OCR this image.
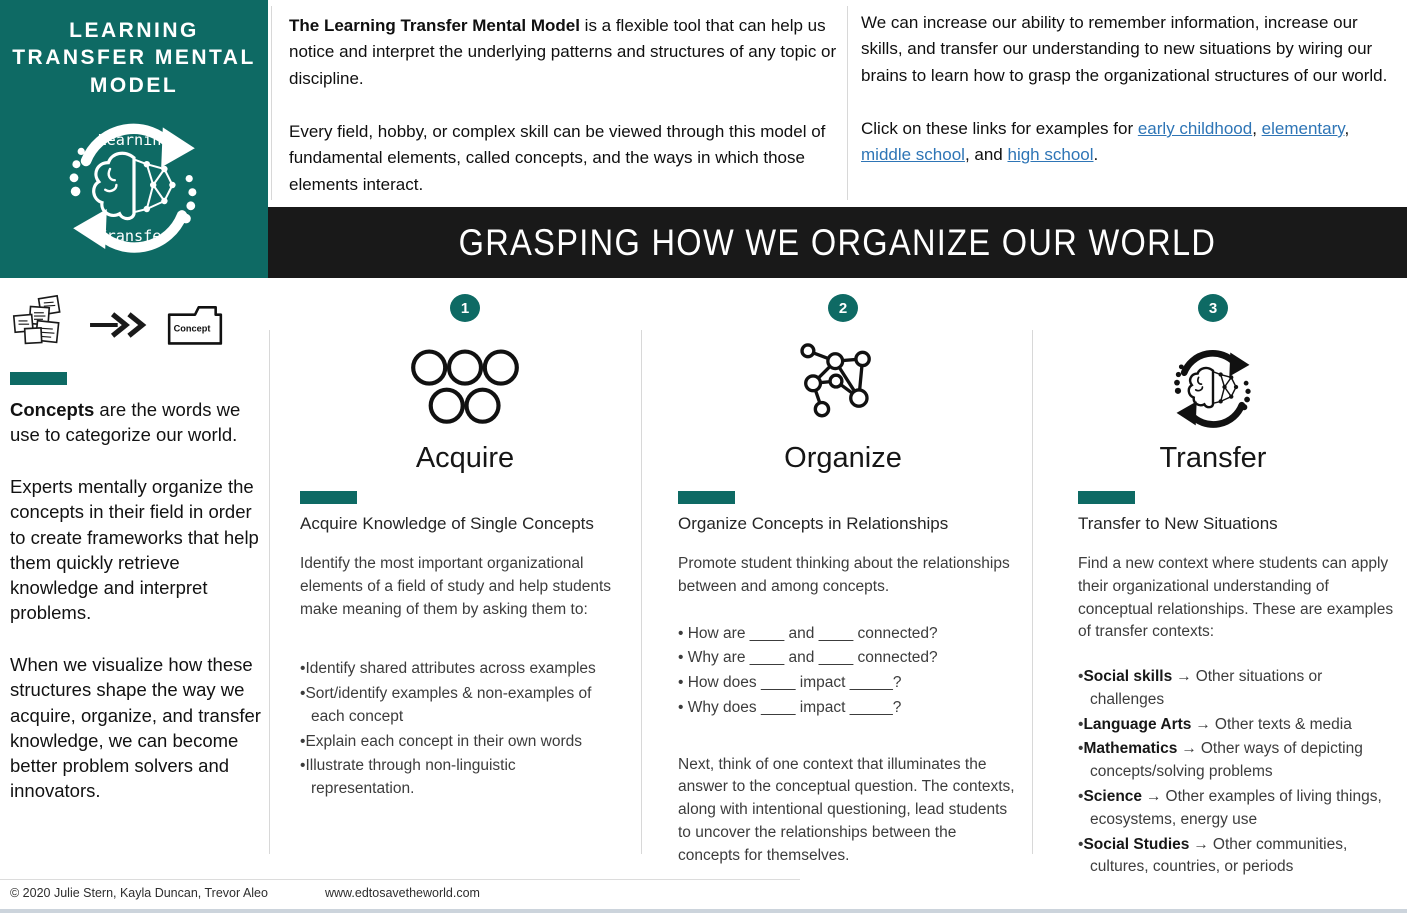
LEARNING
TRANSFER MENTAL
MODEL
Learning
Transfer

The Learning Transfer Mental Model is a flexible tool that can help us notice and interpret the underlying patterns and structures of any topic or discipline.

Every field, hobby, or complex skill can be viewed through this model of fundamental elements, called concepts, and the ways in which those elements interact.

We can increase our ability to remember information, increase our skills, and transfer our understanding to new situations by wiring our brains to learn how to grasp the organizational structures of our world.

Click on these links for examples for early childhood, elementary, middle school, and high school.

GRASPING HOW WE ORGANIZE OUR WORLD
Concept

Concepts are the words we use to categorize our world.

Experts mentally organize the concepts in their field in order to create frameworks that help them quickly retrieve knowledge and interpret problems.

When we visualize how these structures shape the way we acquire, organize, and transfer knowledge, we can become better problem solvers and innovators.

1
Acquire
Acquire Knowledge of Single Concepts
Identify the most important organizational elements of a field of study and help students make meaning of them by asking them to:
• Identify shared attributes across examples
• Sort/identify examples & non-examples of each concept
• Explain each concept in their own words
• Illustrate through non-linguistic representation.
2
Organize
Organize Concepts in Relationships
Promote student thinking about the relationships between and among concepts.
• How are ____ and ____ connected?
• Why are ____ and ____ connected?
• How does ____ impact _____?
• Why does ____ impact _____?
Next, think of one context that illuminates the answer to the conceptual question. The contexts, along with intentional questioning, lead students to uncover the relationships between the concepts for themselves.
3
Transfer
Transfer to New Situations
Find a new context where students can apply their organizational understanding of conceptual relationships. These are examples of transfer contexts:
• Social skills → Other situations or challenges
• Language Arts → Other texts & media
• Mathematics → Other ways of depicting concepts/solving problems
• Science → Other examples of living things, ecosystems, energy use
• Social Studies → Other communities, cultures, countries, or periods
© 2020 Julie Stern, Kayla Duncan, Trevor Aleo	www.edtosavetheworld.com
